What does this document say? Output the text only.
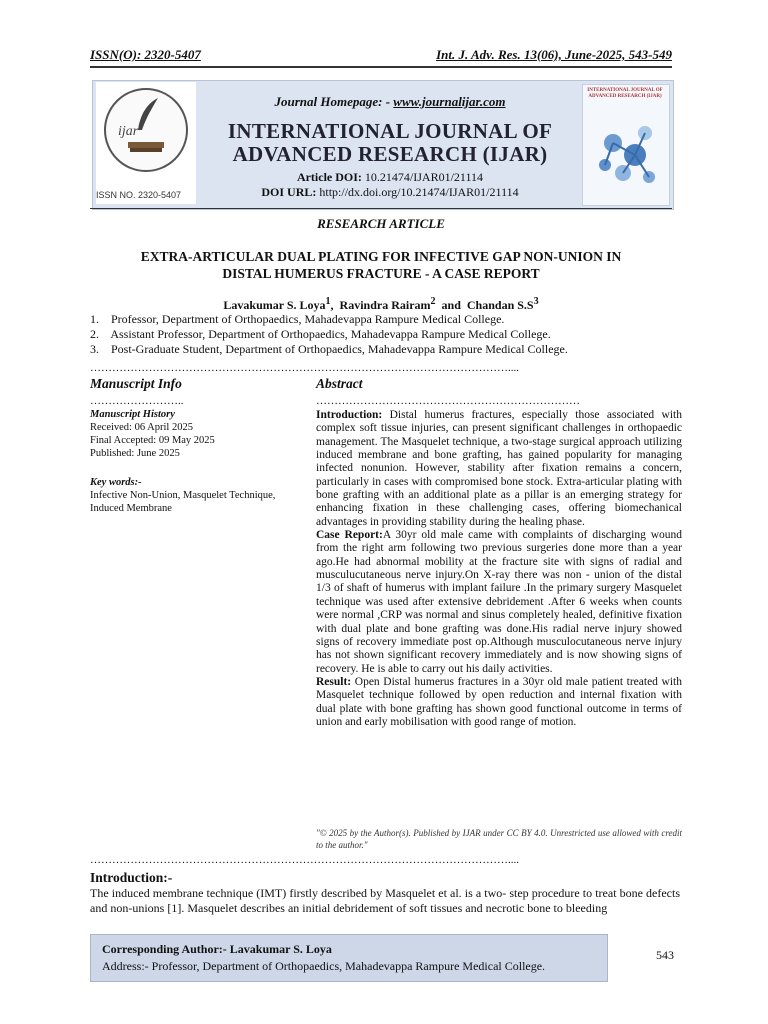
ISSN(O): 2320-5407	Int. J. Adv. Res. 13(06), June-2025, 543-549
ijar
ISSN NO. 2320-5407
Journal Homepage: - www.journalijar.com
INTERNATIONAL JOURNAL OF
ADVANCED RESEARCH (IJAR)
Article DOI: 10.21474/IJAR01/21114
DOI URL: http://dx.doi.org/10.21474/IJAR01/21114
INTERNATIONAL JOURNAL OF ADVANCED RESEARCH (IJAR)
RESEARCH ARTICLE
EXTRA-ARTICULAR DUAL PLATING FOR INFECTIVE GAP NON-UNION IN
DISTAL HUMERUS FRACTURE - A CASE REPORT
Lavakumar S. Loya$^1$,  Ravindra Rairam$^2$  and  Chandan $S.S^3$
1.    Professor, Department of Orthopaedics, Mahadevappa Rampure Medical College.
2.    Assistant Professor, Department of Orthopaedics, Mahadevappa Rampure Medical College.
3.    Post-Graduate Student, Department of Orthopaedics, Mahadevappa Rampure Medical College.
……………………………………………………………………………………………………....
Manuscript Info	Abstract
……………………..	………………………………………………………………
Manuscript History
Received: 06 April 2025
Final Accepted: 09 May 2025
Published: June 2025
Key words:-
Infective Non-Union, Masquelet Technique, Induced Membrane
Introduction: Distal humerus fractures, especially those associated with complex soft tissue injuries, can present significant challenges in orthopaedic management. The Masquelet technique, a two-stage surgical approach utilizing induced membrane and bone grafting, has gained popularity for managing infected nonunion. However, stability after fixation remains a concern, particularly in cases with compromised bone stock. Extra-articular plating with bone grafting with an additional plate as a pillar is an emerging strategy for enhancing fixation in these challenging cases, offering biomechanical advantages in providing stability during the healing phase.
Case Report:A 30yr old male came with complaints of discharging wound from the right arm following two previous surgeries done more than a year ago.He had abnormal mobility at the fracture site with signs of radial and musculucutaneous nerve injury.On X-ray there was non - union of the distal 1/3 of shaft of humerus with implant failure .In the primary surgery Masquelet technique was used after extensive debridement .After 6 weeks when counts were normal ,CRP was normal and sinus completely healed, definitive fixation with dual plate and bone grafting was done.His radial nerve injury showed signs of recovery immediate post op.Although musculocutaneous nerve injury has not shown significant recovery immediately and is now showing signs of recovery. He is able to carry out his daily activities.
Result: Open Distal humerus fractures in a 30yr old male patient treated with Masquelet technique followed by open reduction and internal fixation with dual plate with bone grafting has shown good functional outcome in terms of union and early mobilisation with good range of motion.
"© 2025 by the Author(s). Published by IJAR under CC BY 4.0. Unrestricted use allowed with credit to the author."
……………………………………………………………………………………………………....
Introduction:-
The induced membrane technique (IMT) firstly described by Masquelet et al. is a two- step procedure to treat bone defects and non-unions [1]. Masquelet describes an initial debridement of soft tissues and necrotic bone to bleeding
Corresponding Author:- Lavakumar S. Loya
Address:- Professor, Department of Orthopaedics, Mahadevappa Rampure Medical College.
543
